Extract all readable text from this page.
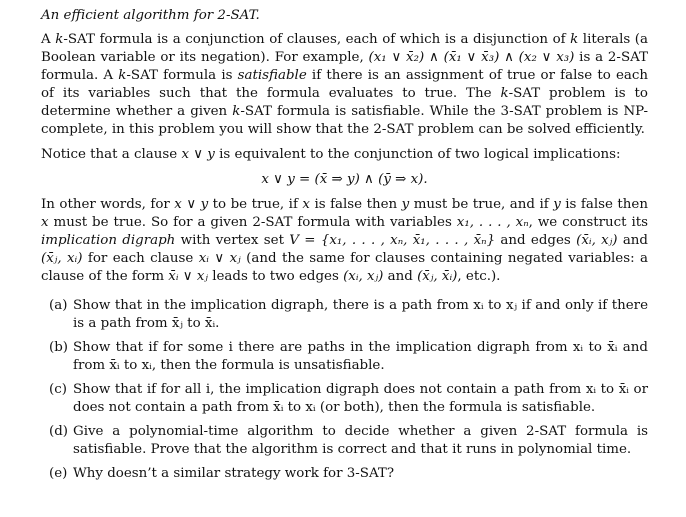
An efficient algorithm for 2-SAT.

A k-SAT formula is a conjunction of clauses, each of which is a disjunction of k literals (a Boolean variable or its negation). For example, (x₁ ∨ x̄₂) ∧ (x̄₁ ∨ x̄₃) ∧ (x₂ ∨ x₃) is a 2-SAT formula. A k-SAT formula is satisfiable if there is an assignment of true or false to each of its variables such that the formula evaluates to true. The k-SAT problem is to determine whether a given k-SAT formula is satisfiable. While the 3-SAT problem is NP-complete, in this problem you will show that the 2-SAT problem can be solved efficiently.

Notice that a clause x ∨ y is equivalent to the conjunction of two logical implications:

x ∨ y = (x̄ ⇒ y) ∧ (ȳ ⇒ x).

In other words, for x ∨ y to be true, if x is false then y must be true, and if y is false then x must be true. So for a given 2-SAT formula with variables x₁, . . . , xₙ, we construct its implication digraph with vertex set V = {x₁, . . . , xₙ, x̄₁, . . . , x̄ₙ} and edges (x̄ᵢ, xⱼ) and (x̄ⱼ, xᵢ) for each clause xᵢ ∨ xⱼ (and the same for clauses containing negated variables: a clause of the form x̄ᵢ ∨ xⱼ leads to two edges (xᵢ, xⱼ) and (x̄ⱼ, x̄ᵢ), etc.).

(a) Show that in the implication digraph, there is a path from xᵢ to xⱼ if and only if there is a path from x̄ⱼ to x̄ᵢ.
(b) Show that if for some i there are paths in the implication digraph from xᵢ to x̄ᵢ and from x̄ᵢ to xᵢ, then the formula is unsatisfiable.
(c) Show that if for all i, the implication digraph does not contain a path from xᵢ to x̄ᵢ or does not contain a path from x̄ᵢ to xᵢ (or both), then the formula is satisfiable.
(d) Give a polynomial-time algorithm to decide whether a given 2-SAT formula is satisfiable. Prove that the algorithm is correct and that it runs in polynomial time.
(e) Why doesn’t a similar strategy work for 3-SAT?
